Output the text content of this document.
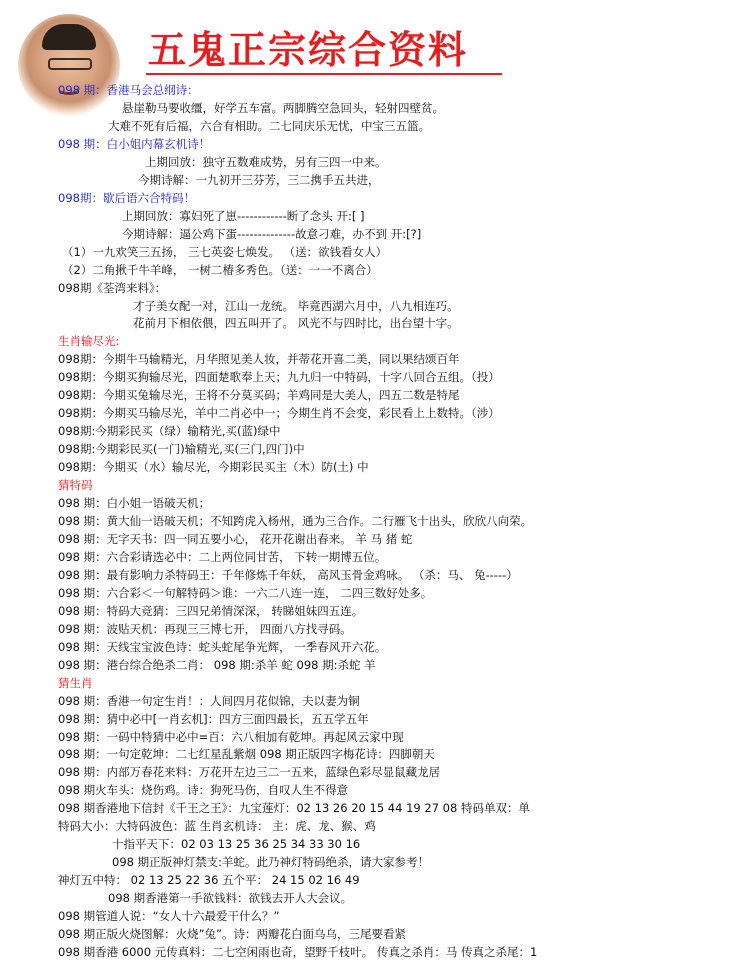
五鬼正宗综合资料
098 期：香港马会总纲诗：
悬崖勒马要收缰，好学五车富。两脚腾空急回头，轻射四壁贫。
大难不死有后福，六合有相助。二七同庆乐无忧，中宝三五篮。
098 期：白小姐内幕玄机诗！
上期回放：独守五数难成势，另有三四一中来。
今期诗解：一九初开三芬芳，三二携手五共进，
098期：歇后语六合特码！
上期回放：寡妇死了崽------------断了念头 开:[ ]
今期诗解：逼公鸡下蛋--------------故意刁难，办不到 开:[?]
（1）一九欢笑三五扬， 三七英姿七焕发。 （送：欲钱看女人）
（2）二角揪千牛羊峰， 一树二椿多秀色。（送：一一不离合）
098期《荃湾来料》：
才子美女配一对，江山一龙统。 毕竟西湖六月中，八九相连巧。
花前月下相依偎，四五叫开了。 风光不与四时比，出台望十字。
生肖输尽光:
098期：今期牛马输精光，月华照见美人妆，并蒂花开喜二美，同以果结颂百年
098期：今期买狗输尽光，四面楚歌奉上天；九九归一中特码，十字八回合五组。（投）
098期：今期买兔输尽光，王将不分莫买码；羊鸡同是大美人，四五二数是特尾
098期：今期买马输尽光，羊中二肖必中一；今期生肖不会变，彩民看上上数特。（涉）
098期:今期彩民买（绿）输精光,买(蓝)绿中
098期:今期彩民买(一门)输精光,买(三门,四门)中
098期：今期买（水）输尽光，今期彩民买主（木）防(土) 中
猜特码
098 期：白小姐一语破天机；
098 期：黄大仙一语破天机；不知跨虎入杨州，通为三合作。二行雁飞十出头，欣欣八向荣。
098 期：无字天书：四一同五要小心， 花开花谢出春来。 羊 马 猪 蛇
098 期：六合彩请选必中：二上两位同甘苦， 下转一期博五位。
098 期：最有影响力杀特码王：千年修炼千年妖， 高风玉骨金鸡咏。 （杀：马、 兔-----）
098 期：六合彩＜一句解特码＞谁：一六二八连一连， 二四三数好处多。
098 期：特码大竞猜：三四兄弟情深深， 转睇姐妹四五连。
098 期：波贴天机：再现三三博七开， 四面八方找寻码。
098 期：天线宝宝波色诗：蛇头蛇尾争光辉， 一季春风开六花。
098 期：港台综合绝杀二肖： 098 期:杀羊 蛇 098 期:杀蛇 羊
猜生肖
098 期：香港一句定生肖！：人间四月花似锦，夫以妻为铜
098 期：猜中必中[一肖玄机]：四方三面四最长，五五学五年
098 期：一码中特猜中必中=百：六八相加有乾坤。再起风云家中现
098 期：一句定乾坤：二七红星乱紫烟 098 期正版四字梅花诗：四脚朝天
098 期：内部万春花来料：万花开左边三二一五来，蓝绿色彩尽显鼠藏龙居
098 期火车头：烧伤鸡。诗：狗死马伤，自叹人生不得意
098 期香港地下信封《千王之王》：九宝莲灯：02 13 26 20 15 44 19 27 08 特码单双：单
特码大小：大特码波色：蓝 生肖玄机诗： 主：虎、龙、猴、鸡
十指平天下：02 03 13 25 36 25 34 33 30 16
098 期正版神灯禁支:羊蛇。此乃神灯特码绝杀，请大家参考！
神灯五中特： 02 13 25 22 36 五个平： 24 15 02 16 49
098 期香港第一手欲钱料：欲钱去开人大会议。
098 期管道人说：“女人十六最爱干什么？”
098 期正版火烧图解：火烧”兔”。诗：两瓣花白面乌乌，三尾要看紧
098 期香港 6000 元传真料：二七空闲雨也奇，望野千枝叶。 传真之杀肖：马 传真之杀尾：1
